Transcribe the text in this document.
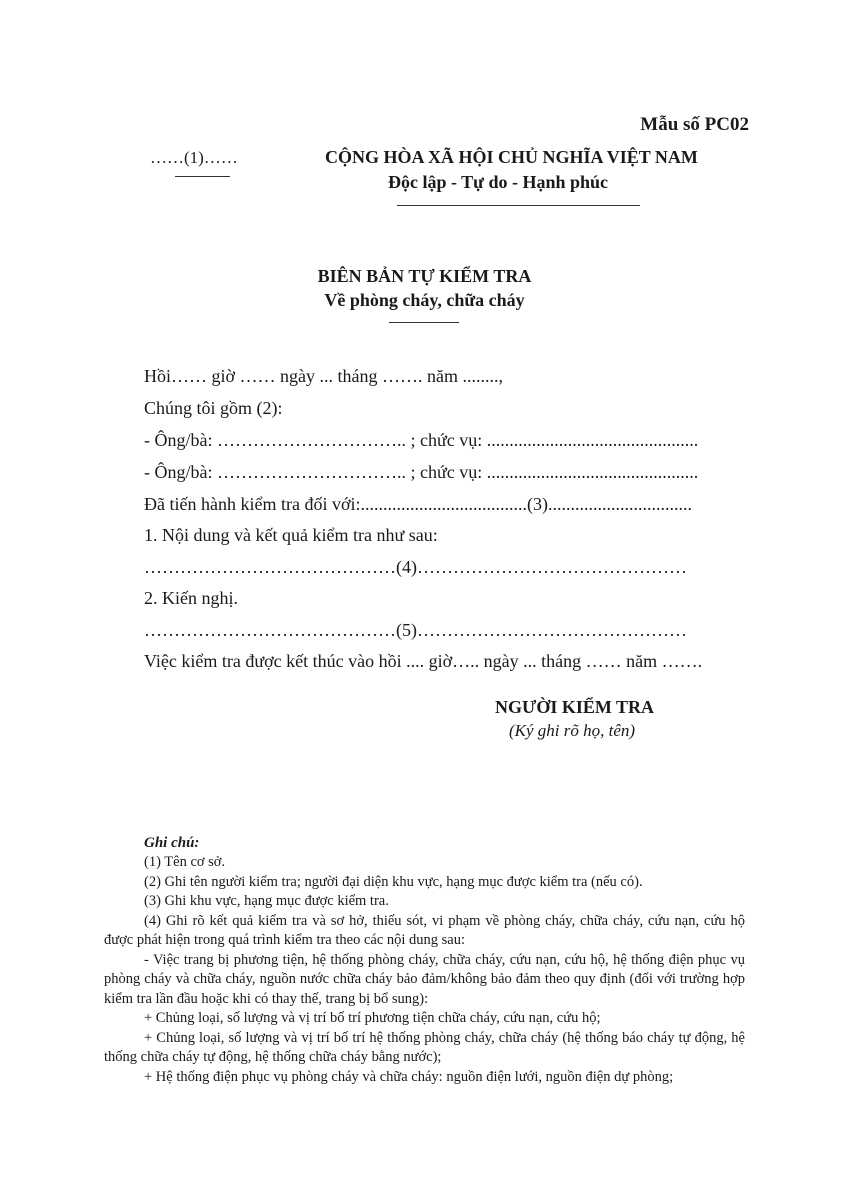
Mẫu số PC02
……(1)……	CỘNG HÒA XÃ HỘI CHỦ NGHĨA VIỆT NAM
Độc lập - Tự do - Hạnh phúc
BIÊN BẢN TỰ KIỂM TRA
Về phòng cháy, chữa cháy
Hồi…… giờ …… ngày ... tháng ……. năm ........,
Chúng tôi gồm (2):
- Ông/bà: ………………………….. ; chức vụ: ...............................................
- Ông/bà: ………………………….. ; chức vụ: ...............................................
Đã tiến hành kiểm tra đối với:.....................................(3)................................
1. Nội dung và kết quả kiểm tra như sau:
……………………………………(4)………………………………………
2. Kiến nghị.
……………………………………(5)………………………………………
Việc kiểm tra được kết thúc vào hồi .... giờ….. ngày ... tháng …… năm …….
NGƯỜI KIỂM TRA
(Ký ghi rõ họ, tên)
Ghi chú:

(1) Tên cơ sở.

(2) Ghi tên người kiểm tra; người đại diện khu vực, hạng mục được kiểm tra (nếu có).

(3) Ghi khu vực, hạng mục được kiểm tra.

(4) Ghi rõ kết quả kiểm tra và sơ hở, thiếu sót, vi phạm về phòng cháy, chữa cháy, cứu nạn, cứu hộ được phát hiện trong quá trình kiểm tra theo các nội dung sau:

- Việc trang bị phương tiện, hệ thống phòng cháy, chữa cháy, cứu nạn, cứu hộ, hệ thống điện phục vụ phòng cháy và chữa cháy, nguồn nước chữa cháy bảo đảm/không bảo đảm theo quy định (đối với trường hợp kiểm tra lần đầu hoặc khi có thay thế, trang bị bổ sung):

+ Chủng loại, số lượng và vị trí bố trí phương tiện chữa cháy, cứu nạn, cứu hộ;

+ Chủng loại, số lượng và vị trí bố trí hệ thống phòng cháy, chữa cháy (hệ thống báo cháy tự động, hệ thống chữa cháy tự động, hệ thống chữa cháy bằng nước);

+ Hệ thống điện phục vụ phòng cháy và chữa cháy: nguồn điện lưới, nguồn điện dự phòng;
